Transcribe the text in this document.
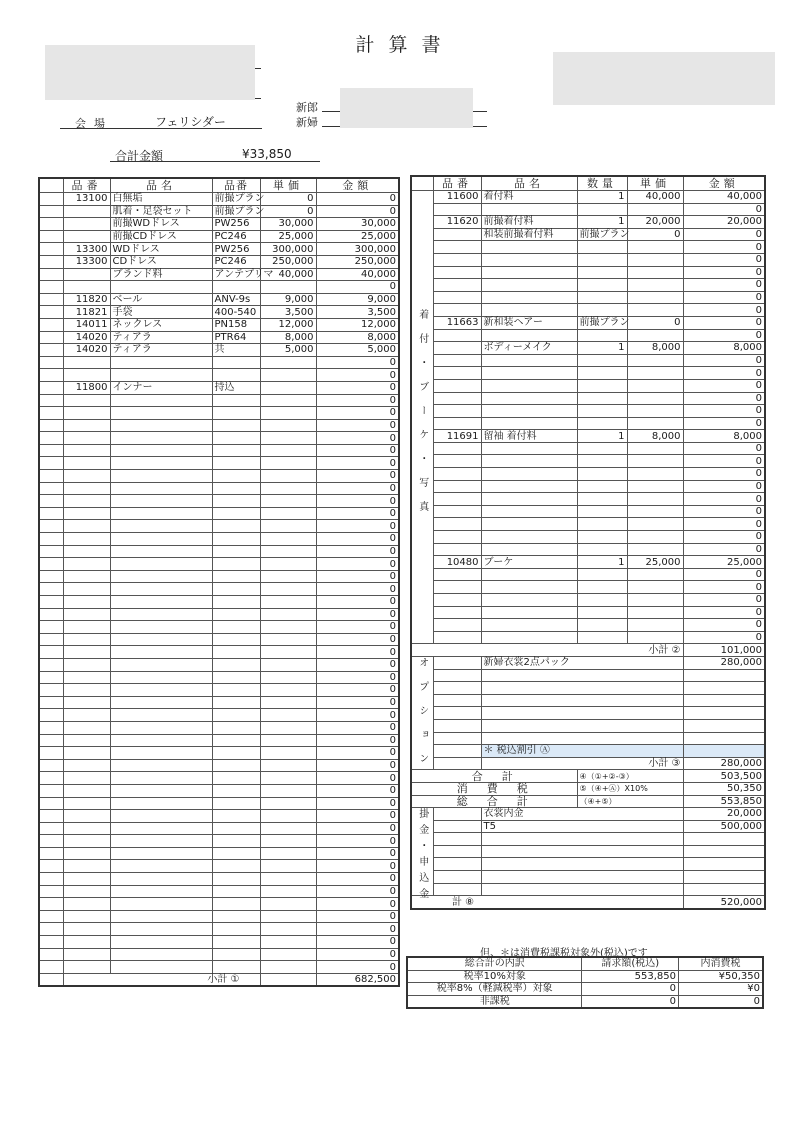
計算書
新郎
新婦
会場	フェリシダー
合計金額	¥33,850
	品番	品名	品番	単価	金額
	13100	白無垢	前撮プラン	0	0
		肌着・足袋セット	前撮プラン	0	0
		前撮WDドレス	PW256	30,000	30,000
		前撮CDドレス	PC246	25,000	25,000
	13300	WDドレス	PW256	300,000	300,000
	13300	CDドレス	PC246	250,000	250,000
		ブランド料	アンテプリマ	40,000	40,000
					0
	11820	ベール	ANV-9s	9,000	9,000
	11821	手袋	400-540	3,500	3,500
	14011	ネックレス	PN158	12,000	12,000
	14020	ティアラ	PTR64	8,000	8,000
	14020	ティアラ	共	5,000	5,000
					0
					0
	11800	インナー	持込		0
					0
					0
					0
					0
					0
					0
					0
					0
					0
					0
					0
					0
					0
					0
					0
					0
					0
					0
					0
					0
					0
					0
					0
					0
					0
					0
					0
					0
					0
					0
					0
					0
					0
					0
					0
					0
					0
					0
					0
					0
					0
					0
					0
					0
					0
					0
	小計 ①				682,500
	品番	品名	数量	単価	金額
着付・ブーケ・写真	11600	着付料	1	40,000	40,000
					0
	11620	前撮着付料	1	20,000	20,000
		和装前撮着付料	前撮プラン	0	0
					0
					0
					0
					0
					0
					0
	11663	新和装ヘアー	前撮プラン	0	0
					0
		ボディーメイク	1	8,000	8,000
					0
					0
					0
					0
					0
					0
	11691	留袖 着付料	1	8,000	8,000
					0
					0
					0
					0
					0
					0
					0
					0
					0
	10480	ブーケ	1	25,000	25,000
					0
					0
					0
					0
					0
					0
小計 ②					101,000
オプション		新婦衣裳2点パック			280,000

		＊ 税込割引 Ⓐ			
		小計 ③			280,000
合　計			④（①+②-③）		503,500
消　費　税			⑤（④+Ⓐ）X10%		50,350
総　合　計			（④+⑤）		553,850
掛金・申込金		衣裳内金			20,000
		T5			500,000

計 ⑧					520,000
但、＊は消費税課税対象外(税込)です
総合計の内訳	請求額(税込)	内消費税
税率10%対象	553,850	¥50,350
税率8%（軽減税率）対象	0	¥0
非課税	0	0
